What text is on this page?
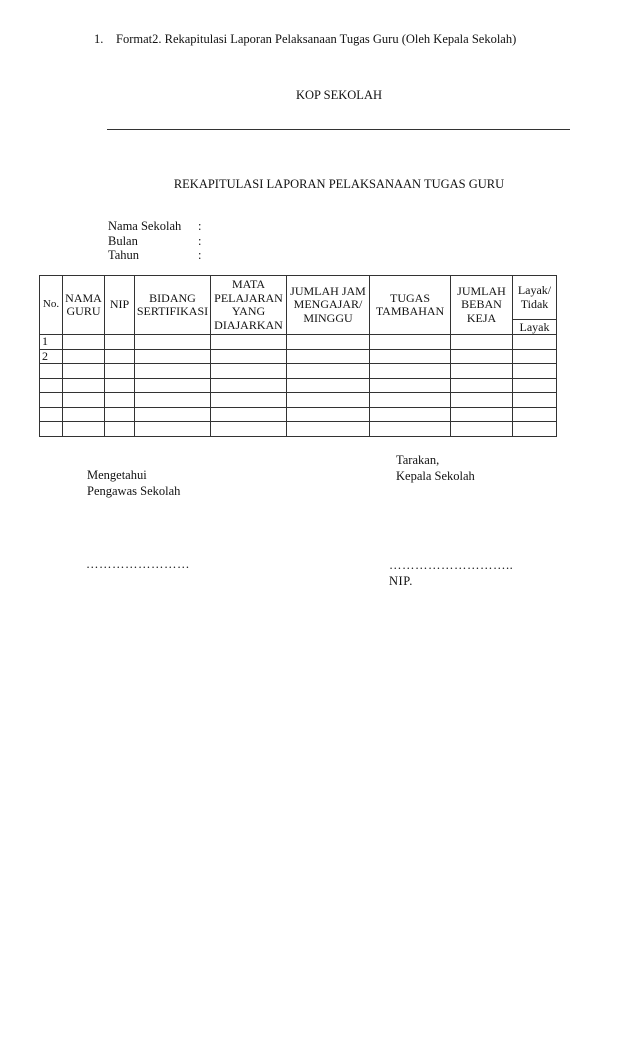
1. Format2. Rekapitulasi Laporan Pelaksanaan Tugas Guru (Oleh Kepala Sekolah)
KOP SEKOLAH
REKAPITULASI LAPORAN PELAKSANAAN TUGAS GURU
Nama Sekolah :
Bulan	:
Tahun	:
No.	NAMA GURU	NIP	BIDANG SERTIFIKASI	MATA PELAJARAN YANG DIAJARKAN	JUMLAH JAM MENGAJAR/ MINGGU	TUGAS TAMBAHAN	JUMLAH BEBAN KEJA	Layak/ Tidak
Layak

1								
2								

Mengetahui
Pengawas Sekolah
Tarakan,
Kepala Sekolah
……………………	………………………..
NIP.
